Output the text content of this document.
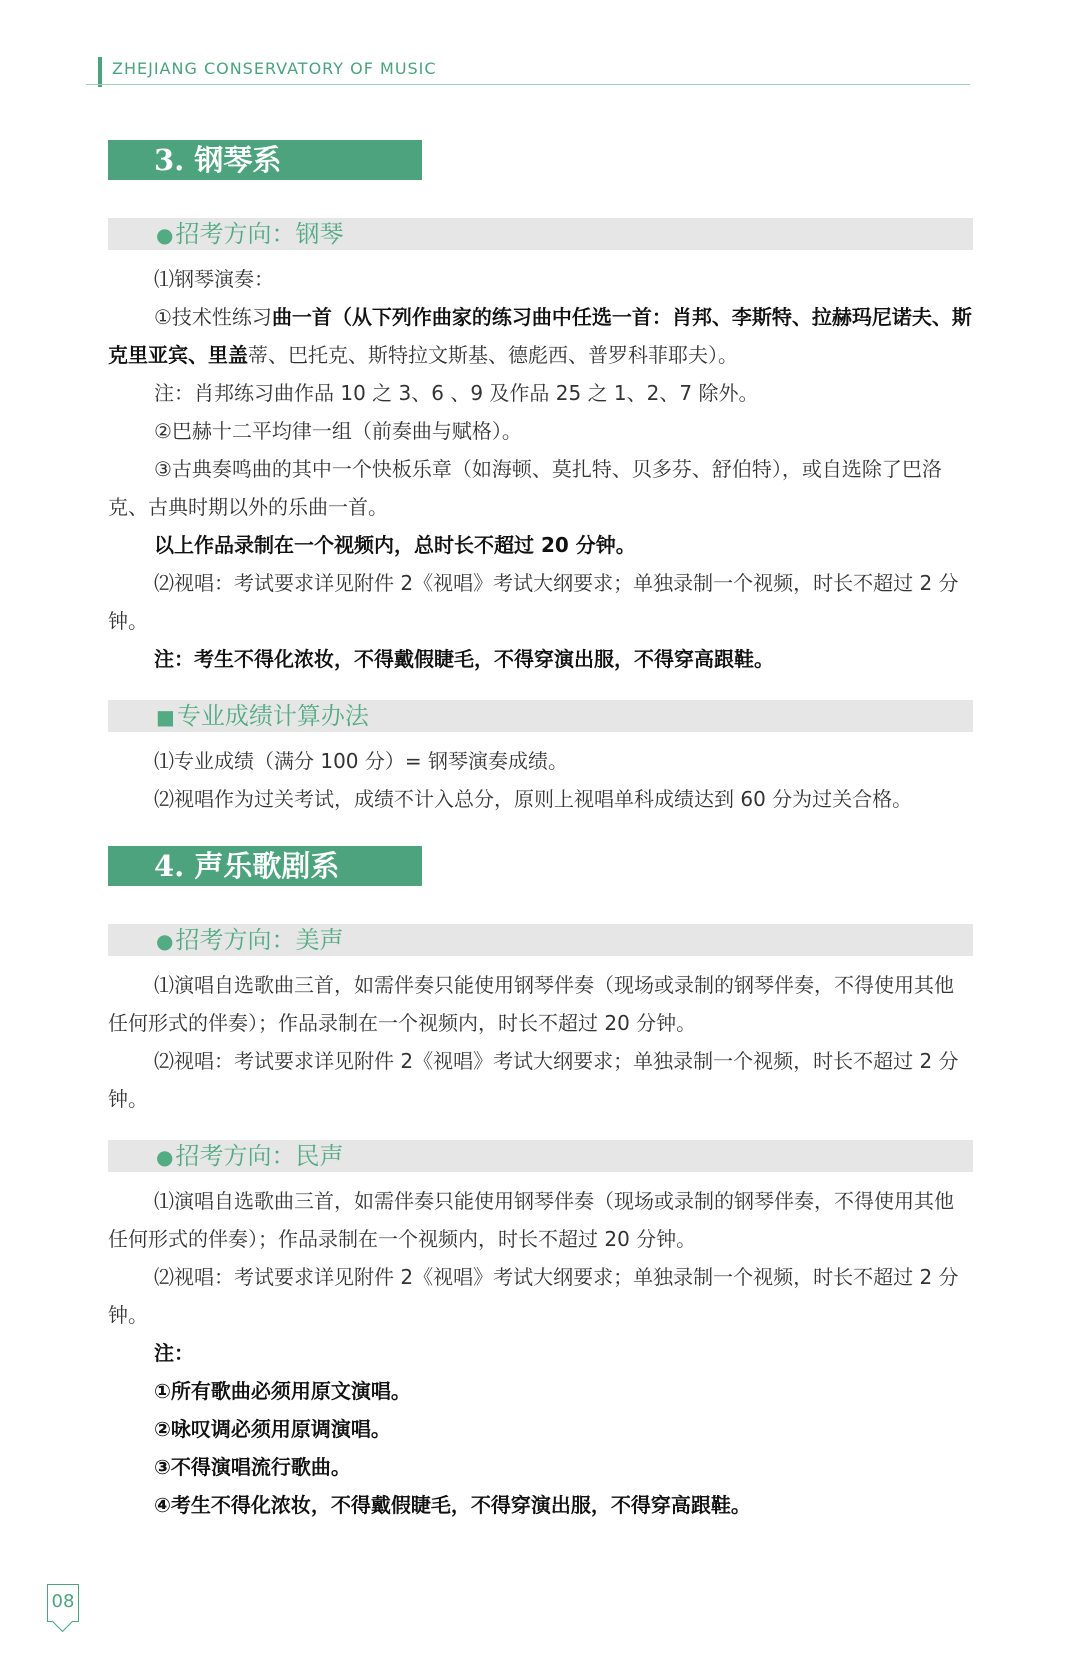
ZHEJIANG CONSERVATORY OF MUSIC
3. 钢琴系
●招考方向：钢琴

⑴钢琴演奏：

①技术性练习曲一首（从下列作曲家的练习曲中任选一首：肖邦、李斯特、拉赫玛尼诺夫、斯克里亚宾、里盖蒂、巴托克、斯特拉文斯基、德彪西、普罗科菲耶夫）。

注：肖邦练习曲作品 10 之 3、6 、9 及作品 25 之 1、2、7 除外。

②巴赫十二平均律一组（前奏曲与赋格）。

③古典奏鸣曲的其中一个快板乐章（如海顿、莫扎特、贝多芬、舒伯特），或自选除了巴洛克、古典时期以外的乐曲一首。

以上作品录制在一个视频内，总时长不超过 20 分钟。

⑵视唱：考试要求详见附件 2《视唱》考试大纲要求；单独录制一个视频，时长不超过 2 分钟。

注：考生不得化浓妆，不得戴假睫毛，不得穿演出服，不得穿高跟鞋。

■专业成绩计算办法

⑴专业成绩（满分 100 分）= 钢琴演奏成绩。

⑵视唱作为过关考试，成绩不计入总分，原则上视唱单科成绩达到 60 分为过关合格。

4. 声乐歌剧系
●招考方向：美声

⑴演唱自选歌曲三首，如需伴奏只能使用钢琴伴奏（现场或录制的钢琴伴奏，不得使用其他任何形式的伴奏）；作品录制在一个视频内，时长不超过 20 分钟。

⑵视唱：考试要求详见附件 2《视唱》考试大纲要求；单独录制一个视频，时长不超过 2 分钟。

●招考方向：民声

⑴演唱自选歌曲三首，如需伴奏只能使用钢琴伴奏（现场或录制的钢琴伴奏，不得使用其他任何形式的伴奏）；作品录制在一个视频内，时长不超过 20 分钟。

⑵视唱：考试要求详见附件 2《视唱》考试大纲要求；单独录制一个视频，时长不超过 2 分钟。

注：

①所有歌曲必须用原文演唱。

②咏叹调必须用原调演唱。

③不得演唱流行歌曲。

④考生不得化浓妆，不得戴假睫毛，不得穿演出服，不得穿高跟鞋。

08
